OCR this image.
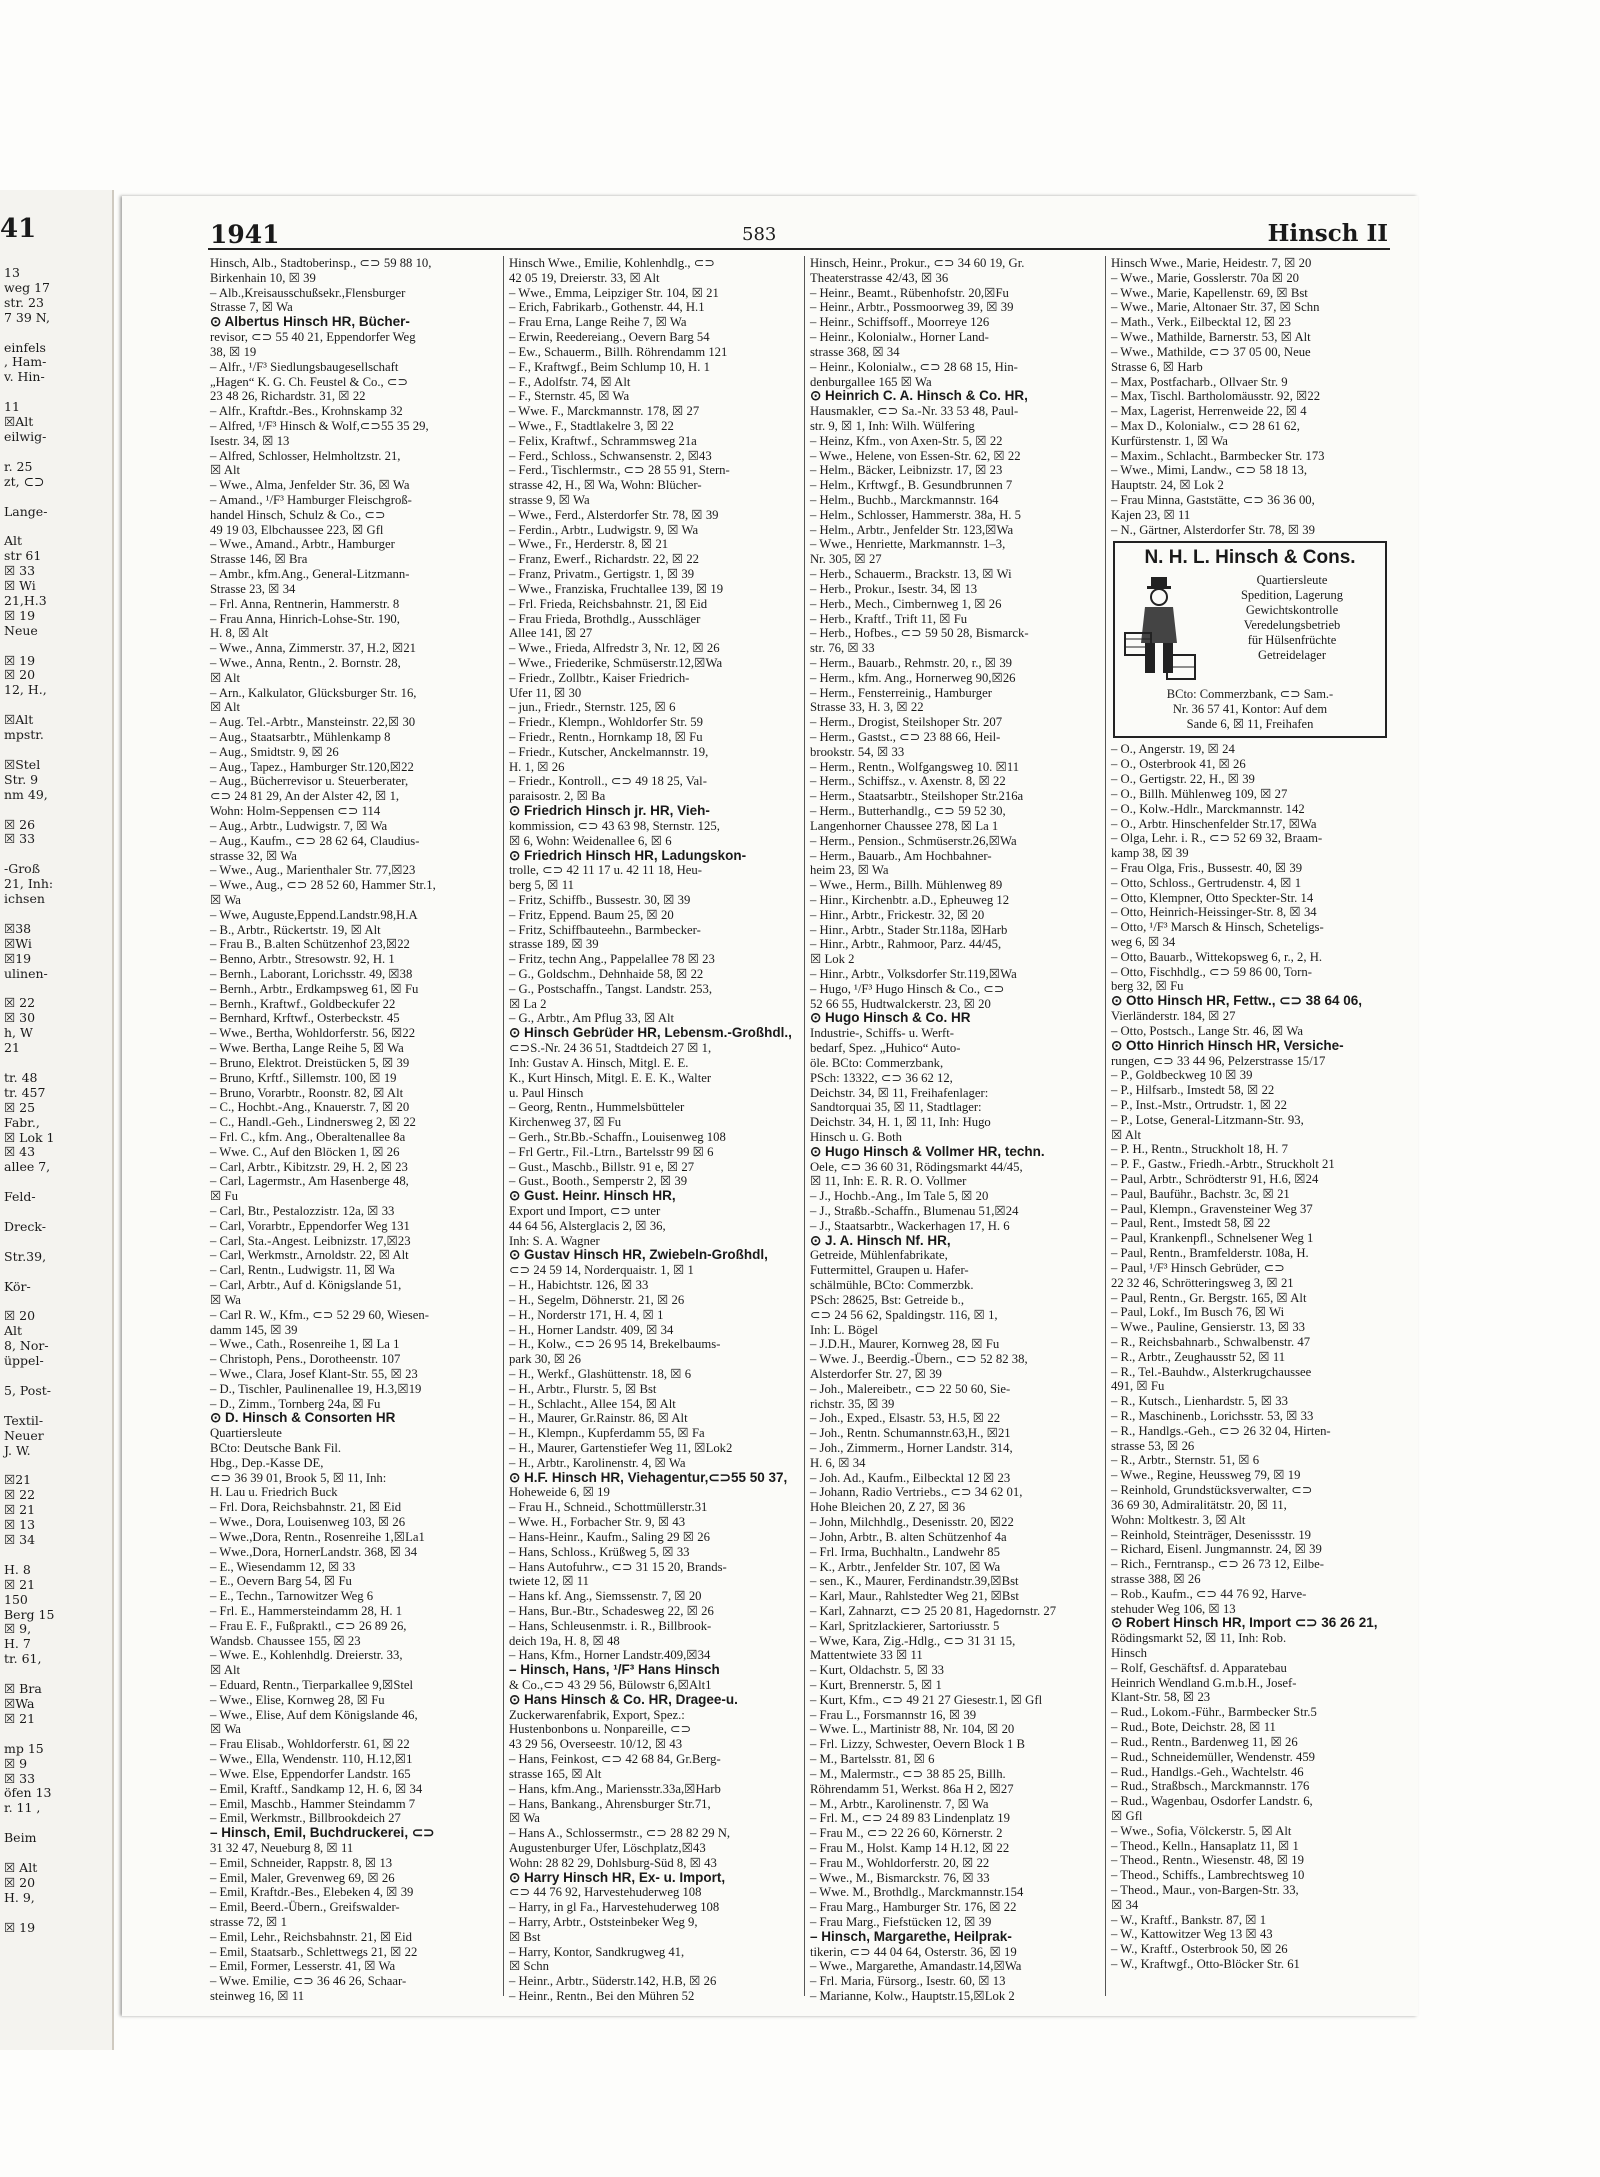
41
13
weg 17
str. 23
7 39 N,

einfels
, Ham-
v. Hin-

11
☒Alt
eilwig-

r. 25
zt, ⊂⊃

Lange-

Alt
str 61
☒ 33
☒ Wi
21,H.3
☒ 19
Neue

☒ 19
☒ 20
12, H.,

☒Alt
mpstr.

☒Stel
Str. 9
nm 49,

☒ 26
☒ 33

-Groß
21, Inh:
ichsen

☒38
☒Wi
☒19
ulinen-

☒ 22
☒ 30
h, W
21

tr. 48
tr. 457
☒ 25
Fabr.,
☒ Lok 1
☒ 43
allee 7,

Feld-

Dreck-

Str.39,

Kör-

☒ 20
Alt
8, Nor-
üppel-

5, Post-

Textil-
Neuer
J. W.

☒21
☒ 22
☒ 21
☒ 13
☒ 34

H. 8
☒ 21
150
Berg 15
☒ 9,
H. 7
tr. 61,

☒ Bra
☒Wa
☒ 21

mp 15
☒ 9
☒ 33
öfen 13
r. 11 ,

Beim

☒ Alt
☒ 20
H. 9,

☒ 19
1941	583	Hinsch II
Hinsch, Alb., Stadtoberinsp., ⊂⊃ 59 88 10,
Birkenhain 10, ☒ 39
– Alb.,Kreisausschußsekr.,Flensburger
Strasse 7, ☒ Wa
⊙ Albertus Hinsch HR, Bücher-
revisor, ⊂⊃ 55 40 21, Eppendorfer Weg
38, ☒ 19
– Alfr., ¹/F³ Siedlungsbaugesellschaft
„Hagen“ K. G. Ch. Feustel & Co., ⊂⊃
23 48 26, Richardstr. 31, ☒ 22
– Alfr., Kraftdr.-Bes., Krohnskamp 32
– Alfred, ¹/F³ Hinsch & Wolf,⊂⊃55 35 29,
Isestr. 34, ☒ 13
– Alfred, Schlosser, Helmholtzstr. 21,
☒ Alt
– Wwe., Alma, Jenfelder Str. 36, ☒ Wa
– Amand., ¹/F³ Hamburger Fleischgroß-
handel Hinsch, Schulz & Co., ⊂⊃
49 19 03, Elbchaussee 223, ☒ Gfl
– Wwe., Amand., Arbtr., Hamburger
Strasse 146, ☒ Bra
– Ambr., kfm.Ang., General-Litzmann-
Strasse 23, ☒ 34
– Frl. Anna, Rentnerin, Hammerstr. 8
– Frau Anna, Hinrich-Lohse-Str. 190,
H. 8, ☒ Alt
– Wwe., Anna, Zimmerstr. 37, H.2, ☒21
– Wwe., Anna, Rentn., 2. Bornstr. 28,
☒ Alt
– Arn., Kalkulator, Glücksburger Str. 16,
☒ Alt
– Aug. Tel.-Arbtr., Mansteinstr. 22,☒ 30
– Aug., Staatsarbtr., Mühlenkamp 8
– Aug., Smidtstr. 9, ☒ 26
– Aug., Tapez., Hamburger Str.120,☒22
– Aug., Bücherrevisor u. Steuerberater,
⊂⊃ 24 81 29, An der Alster 42, ☒ 1,
Wohn: Holm-Seppensen ⊂⊃ 114
– Aug., Arbtr., Ludwigstr. 7, ☒ Wa
– Aug., Kaufm., ⊂⊃ 28 62 64, Claudius-
strasse 32, ☒ Wa
– Wwe., Aug., Marienthaler Str. 77,☒23
– Wwe., Aug., ⊂⊃ 28 52 60, Hammer Str.1,
☒ Wa
– Wwe, Auguste,Eppend.Landstr.98,H.A
– B., Arbtr., Rückertstr. 19, ☒ Alt
– Frau B., B.alten Schützenhof 23,☒22
– Benno, Arbtr., Stresowstr. 92, H. 1
– Bernh., Laborant, Lorichsstr. 49, ☒38
– Bernh., Arbtr., Erdkampsweg 61, ☒ Fu
– Bernh., Kraftwf., Goldbeckufer 22
– Bernhard, Krftwf., Osterbeckstr. 45
– Wwe., Bertha, Wohldorferstr. 56, ☒22
– Wwe. Bertha, Lange Reihe 5, ☒ Wa
– Bruno, Elektrot. Dreistücken 5, ☒ 39
– Bruno, Krftf., Sillemstr. 100, ☒ 19
– Bruno, Vorarbtr., Roonstr. 82, ☒ Alt
– C., Hochbt.-Ang., Knauerstr. 7, ☒ 20
– C., Handl.-Geh., Lindnersweg 2, ☒ 22
– Frl. C., kfm. Ang., Oberaltenallee 8a
– Wwe. C., Auf den Blöcken 1, ☒ 26
– Carl, Arbtr., Kibitzstr. 29, H. 2, ☒ 23
– Carl, Lagermstr., Am Hasenberge 48,
☒ Fu
– Carl, Btr., Pestalozzistr. 12a, ☒ 33
– Carl, Vorarbtr., Eppendorfer Weg 131
– Carl, Sta.-Angest. Leibnizstr. 17,☒23
– Carl, Werkmstr., Arnoldstr. 22, ☒ Alt
– Carl, Rentn., Ludwigstr. 11, ☒ Wa
– Carl, Arbtr., Auf d. Königslande 51,
☒ Wa
– Carl R. W., Kfm., ⊂⊃ 52 29 60, Wiesen-
damm 145, ☒ 39
– Wwe., Cath., Rosenreihe 1, ☒ La 1
– Christoph, Pens., Dorotheenstr. 107
– Wwe., Clara, Josef Klant-Str. 55, ☒ 23
– D., Tischler, Paulinenallee 19, H.3,☒19
– D., Zimm., Tornberg 24a, ☒ Fu
⊙ D. Hinsch & Consorten HR
Quartiersleute
BCto: Deutsche Bank Fil.
Hbg., Dep.-Kasse DE,
⊂⊃ 36 39 01, Brook 5, ☒ 11, Inh:
H. Lau u. Friedrich Buck
– Frl. Dora, Reichsbahnstr. 21, ☒ Eid
– Wwe., Dora, Louisenweg 103, ☒ 26
– Wwe.,Dora, Rentn., Rosenreihe 1,☒La1
– Wwe.,Dora, HornerLandstr. 368, ☒ 34
– E., Wiesendamm 12, ☒ 33
– E., Oevern Barg 54, ☒ Fu
– E., Techn., Tarnowitzer Weg 6
– Frl. E., Hammersteindamm 28, H. 1
– Frau E. F., Fußpraktl., ⊂⊃ 26 89 26,
Wandsb. Chaussee 155, ☒ 23
– Wwe. E., Kohlenhdlg. Dreierstr. 33,
☒ Alt
– Eduard, Rentn., Tierparkallee 9,☒Stel
– Wwe., Elise, Kornweg 28, ☒ Fu
– Wwe., Elise, Auf dem Königslande 46,
☒ Wa
– Frau Elisab., Wohldorferstr. 61, ☒ 22
– Wwe., Ella, Wendenstr. 110, H.12,☒1
– Wwe. Else, Eppendorfer Landstr. 165
– Emil, Kraftf., Sandkamp 12, H. 6, ☒ 34
– Emil, Maschb., Hammer Steindamm 7
– Emil, Werkmstr., Billbrookdeich 27
– Hinsch, Emil, Buchdruckerei, ⊂⊃
31 32 47, Neueburg 8, ☒ 11
– Emil, Schneider, Rappstr. 8, ☒ 13
– Emil, Maler, Grevenweg 69, ☒ 26
– Emil, Kraftdr.-Bes., Elebeken 4, ☒ 39
– Emil, Beerd.-Übern., Greifswalder-
strasse 72, ☒ 1
– Emil, Lehr., Reichsbahnstr. 21, ☒ Eid
– Emil, Staatsarb., Schlettwegs 21, ☒ 22
– Emil, Former, Lesserstr. 41, ☒ Wa
– Wwe. Emilie, ⊂⊃ 36 46 26, Schaar-
steinweg 16, ☒ 11
Hinsch Wwe., Emilie, Kohlenhdlg., ⊂⊃
42 05 19, Dreierstr. 33, ☒ Alt
– Wwe., Emma, Leipziger Str. 104, ☒ 21
– Erich, Fabrikarb., Gothenstr. 44, H.1
– Frau Erna, Lange Reihe 7, ☒ Wa
– Erwin, Reedereiang., Oevern Barg 54
– Ew., Schauerm., Billh. Röhrendamm 121
– F., Kraftwgf., Beim Schlump 10, H. 1
– F., Adolfstr. 74, ☒ Alt
– F., Sternstr. 45, ☒ Wa
– Wwe. F., Marckmannstr. 178, ☒ 27
– Wwe., F., Stadtlakelre 3, ☒ 22
– Felix, Kraftwf., Schrammsweg 21a
– Ferd., Schloss., Schwansenstr. 2, ☒43
– Ferd., Tischlermstr., ⊂⊃ 28 55 91, Stern-
strasse 42, H., ☒ Wa, Wohn: Blücher-
strasse 9, ☒ Wa
– Wwe., Ferd., Alsterdorfer Str. 78, ☒ 39
– Ferdin., Arbtr., Ludwigstr. 9, ☒ Wa
– Wwe., Fr., Herderstr. 8, ☒ 21
– Franz, Ewerf., Richardstr. 22, ☒ 22
– Franz, Privatm., Gertigstr. 1, ☒ 39
– Wwe., Franziska, Fruchtallee 139, ☒ 19
– Frl. Frieda, Reichsbahnstr. 21, ☒ Eid
– Frau Frieda, Brothdlg., Ausschläger
Allee 141, ☒ 27
– Wwe., Frieda, Alfredstr 3, Nr. 12, ☒ 26
– Wwe., Friederike, Schmüserstr.12,☒Wa
– Friedr., Zollbtr., Kaiser Friedrich-
Ufer 11, ☒ 30
– jun., Friedr., Sternstr. 125, ☒ 6
– Friedr., Klempn., Wohldorfer Str. 59
– Friedr., Rentn., Hornkamp 18, ☒ Fu
– Friedr., Kutscher, Anckelmannstr. 19,
H. 1, ☒ 26
– Friedr., Kontroll., ⊂⊃ 49 18 25, Val-
paraisostr. 2, ☒ Ba
⊙ Friedrich Hinsch jr. HR, Vieh-
kommission, ⊂⊃ 43 63 98, Sternstr. 125,
☒ 6, Wohn: Weidenallee 6, ☒ 6
⊙ Friedrich Hinsch HR, Ladungskon-
trolle, ⊂⊃ 42 11 17 u. 42 11 18, Heu-
berg 5, ☒ 11
– Fritz, Schiffb., Bussestr. 30, ☒ 39
– Fritz, Eppend. Baum 25, ☒ 20
– Fritz, Schiffbauteehn., Barmbecker-
strasse 189, ☒ 39
– Fritz, techn Ang., Pappelallee 78 ☒ 23
– G., Goldschm., Dehnhaide 58, ☒ 22
– G., Postschaffn., Tangst. Landstr. 253,
☒ La 2
– G., Arbtr., Am Pflug 33, ☒ Alt
⊙ Hinsch Gebrüder HR, Lebensm.-Großhdl.,
⊂⊃S.-Nr. 24 36 51, Stadtdeich 27 ☒ 1,
Inh: Gustav A. Hinsch, Mitgl. E. E.
K., Kurt Hinsch, Mitgl. E. E. K., Walter
u. Paul Hinsch
– Georg, Rentn., Hummelsbütteler
Kirchenweg 37, ☒ Fu
– Gerh., Str.Bb.-Schaffn., Louisenweg 108
– Frl Gertr., Fil.-Ltrn., Bartelsstr 99 ☒ 6
– Gust., Maschb., Billstr. 91 e, ☒ 27
– Gust., Booth., Semperstr 2, ☒ 39
⊙ Gust. Heinr. Hinsch HR,
Export und Import, ⊂⊃ unter
44 64 56, Alsterglacis 2, ☒ 36,
Inh: S. A. Wagner
⊙ Gustav Hinsch HR, Zwiebeln-Großhdl,
⊂⊃ 24 59 14, Norderquaistr. 1, ☒ 1
– H., Habichtstr. 126, ☒ 33
– H., Segelm, Döhnerstr. 21, ☒ 26
– H., Norderstr 171, H. 4, ☒ 1
– H., Horner Landstr. 409, ☒ 34
– H., Kolw., ⊂⊃ 26 95 14, Brekelbaums-
park 30, ☒ 26
– H., Werkf., Glashüttenstr. 18, ☒ 6
– H., Arbtr., Flurstr. 5, ☒ Bst
– H., Schlacht., Allee 154, ☒ Alt
– H., Maurer, Gr.Rainstr. 86, ☒ Alt
– H., Klempn., Kupferdamm 55, ☒ Fa
– H., Maurer, Gartenstiefer Weg 11, ☒Lok2
– H., Arbtr., Karolinenstr. 4, ☒ Wa
⊙ H.F. Hinsch HR, Viehagentur,⊂⊃55 50 37,
Hoheweide 6, ☒ 19
– Frau H., Schneid., Schottmüllerstr.31
– Wwe. H., Forbacher Str. 9, ☒ 43
– Hans-Heinr., Kaufm., Saling 29 ☒ 26
– Hans, Schloss., Krüßweg 5, ☒ 33
– Hans Autofuhrw., ⊂⊃ 31 15 20, Brands-
twiete 12, ☒ 11
– Hans kf. Ang., Siemssenstr. 7, ☒ 20
– Hans, Bur.-Btr., Schadesweg 22, ☒ 26
– Hans, Schleusenmstr. i. R., Billbrook-
deich 19a, H. 8, ☒ 48
– Hans, Kfm., Horner Landstr.409,☒34
– Hinsch, Hans, ¹/F³ Hans Hinsch
& Co.,⊂⊃ 43 29 56, Bülowstr 6,☒Alt1
⊙ Hans Hinsch & Co. HR, Dragee-u.
Zuckerwarenfabrik, Export, Spez.:
Hustenbonbons u. Nonpareille, ⊂⊃
43 29 56, Overseestr. 10/12, ☒ 43
– Hans, Feinkost, ⊂⊃ 42 68 84, Gr.Berg-
strasse 165, ☒ Alt
– Hans, kfm.Ang., Mariensstr.33a,☒Harb
– Hans, Bankang., Ahrensburger Str.71,
☒ Wa
– Hans A., Schlossermstr., ⊂⊃ 28 82 29 N,
Augustenburger Ufer, Löschplatz,☒43
Wohn: 28 82 29, Dohlsburg-Süd 8, ☒ 43
⊙ Harry Hinsch HR, Ex- u. Import,
⊂⊃ 44 76 92, Harvestehuderweg 108
– Harry, in gl Fa., Harvestehuderweg 108
– Harry, Arbtr., Oststeinbeker Weg 9,
☒ Bst
– Harry, Kontor, Sandkrugweg 41,
☒ Schn
– Heinr., Arbtr., Süderstr.142, H.B, ☒ 26
– Heinr., Rentn., Bei den Mühren 52
Hinsch, Heinr., Prokur., ⊂⊃ 34 60 19, Gr.
Theaterstrasse 42/43, ☒ 36
– Heinr., Beamt., Rübenhofstr. 20,☒Fu
– Heinr., Arbtr., Possmoorweg 39, ☒ 39
– Heinr., Schiffsoff., Moorreye 126
– Heinr., Kolonialw., Horner Land-
strasse 368, ☒ 34
– Heinr., Kolonialw., ⊂⊃ 28 68 15, Hin-
denburgallee 165 ☒ Wa
⊙ Heinrich C. A. Hinsch & Co. HR,
Hausmakler, ⊂⊃ Sa.-Nr. 33 53 48, Paul-
str. 9, ☒ 1, Inh: Wilh. Wülfering
– Heinz, Kfm., von Axen-Str. 5, ☒ 22
– Wwe., Helene, von Essen-Str. 62, ☒ 22
– Helm., Bäcker, Leibnizstr. 17, ☒ 23
– Helm., Krftwgf., B. Gesundbrunnen 7
– Helm., Buchb., Marckmannstr. 164
– Helm., Schlosser, Hammerstr. 38a, H. 5
– Helm., Arbtr., Jenfelder Str. 123,☒Wa
– Wwe., Henriette, Markmannstr. 1–3,
Nr. 305, ☒ 27
– Herb., Schauerm., Brackstr. 13, ☒ Wi
– Herb., Prokur., Isestr. 34, ☒ 13
– Herb., Mech., Cimbernweg 1, ☒ 26
– Herb., Kraftf., Trift 11, ☒ Fu
– Herb., Hofbes., ⊂⊃ 59 50 28, Bismarck-
str. 76, ☒ 33
– Herm., Bauarb., Rehmstr. 20, r., ☒ 39
– Herm., kfm. Ang., Hornerweg 90,☒26
– Herm., Fensterreinig., Hamburger
Strasse 33, H. 3, ☒ 22
– Herm., Drogist, Steilshoper Str. 207
– Herm., Gastst., ⊂⊃ 23 88 66, Heil-
brookstr. 54, ☒ 33
– Herm., Rentn., Wolfgangsweg 10. ☒11
– Herm., Schiffsz., v. Axenstr. 8, ☒ 22
– Herm., Staatsarbtr., Steilshoper Str.216a
– Herm., Butterhandlg., ⊂⊃ 59 52 30,
Langenhorner Chaussee 278, ☒ La 1
– Herm., Pension., Schmüserstr.26,☒Wa
– Herm., Bauarb., Am Hochbahner-
heim 23, ☒ Wa
– Wwe., Herm., Billh. Mühlenweg 89
– Hinr., Kirchenbtr. a.D., Epheuweg 12
– Hinr., Arbtr., Frickestr. 32, ☒ 20
– Hinr., Arbtr., Stader Str.118a, ☒Harb
– Hinr., Arbtr., Rahmoor, Parz. 44/45,
☒ Lok 2
– Hinr., Arbtr., Volksdorfer Str.119,☒Wa
– Hugo, ¹/F³ Hugo Hinsch & Co., ⊂⊃
52 66 55, Hudtwalckerstr. 23, ☒ 20
⊙ Hugo Hinsch & Co. HR
Industrie-, Schiffs- u. Werft-
bedarf, Spez. „Huhico“ Auto-
öle. BCto: Commerzbank,
PSch: 13322, ⊂⊃ 36 62 12,
Deichstr. 34, ☒ 11, Freihafenlager:
Sandtorquai 35, ☒ 11, Stadtlager:
Deichstr. 34, H. 1, ☒ 11, Inh: Hugo
Hinsch u. G. Both
⊙ Hugo Hinsch & Vollmer HR, techn.
Oele, ⊂⊃ 36 60 31, Rödingsmarkt 44/45,
☒ 11, Inh: E. R. R. O. Vollmer
– J., Hochb.-Ang., Im Tale 5, ☒ 20
– J., Straßb.-Schaffn., Blumenau 51,☒24
– J., Staatsarbtr., Wackerhagen 17, H. 6
⊙ J. A. Hinsch Nf. HR,
Getreide, Mühlenfabrikate,
Futtermittel, Graupen u. Hafer-
schälmühle, BCto: Commerzbk.
PSch: 28625, Bst: Getreide b.,
⊂⊃ 24 56 62, Spaldingstr. 116, ☒ 1,
Inh: L. Bögel
– J.D.H., Maurer, Kornweg 28, ☒ Fu
– Wwe. J., Beerdig.-Übern., ⊂⊃ 52 82 38,
Alsterdorfer Str. 27, ☒ 39
– Joh., Malereibetr., ⊂⊃ 22 50 60, Sie-
richstr. 35, ☒ 39
– Joh., Exped., Elsastr. 53, H.5, ☒ 22
– Joh., Rentn. Schumannstr.63,H., ☒21
– Joh., Zimmerm., Horner Landstr. 314,
H. 6, ☒ 34
– Joh. Ad., Kaufm., Eilbecktal 12 ☒ 23
– Johann, Radio Vertriebs., ⊂⊃ 34 62 01,
Hohe Bleichen 20, Z 27, ☒ 36
– John, Milchhdlg., Desenisstr. 20, ☒22
– John, Arbtr., B. alten Schützenhof 4a
– Frl. Irma, Buchhaltn., Landwehr 85
– K., Arbtr., Jenfelder Str. 107, ☒ Wa
– sen., K., Maurer, Ferdinandstr.39,☒Bst
– Karl, Maur., Rahlstedter Weg 21, ☒Bst
– Karl, Zahnarzt, ⊂⊃ 25 20 81, Hagedornstr. 27
– Karl, Spritzlackierer, Sartoriusstr. 5
– Wwe, Kara, Zig.-Hdlg., ⊂⊃ 31 31 15,
Mattentwiete 33 ☒ 11
– Kurt, Oldachstr. 5, ☒ 33
– Kurt, Brennerstr. 5, ☒ 1
– Kurt, Kfm., ⊂⊃ 49 21 27 Giesestr.1, ☒ Gfl
– Frau L., Forsmannstr 16, ☒ 39
– Wwe. L., Martinistr 88, Nr. 104, ☒ 20
– Frl. Lizzy, Schwester, Oevern Block 1 B
– M., Bartelsstr. 81, ☒ 6
– M., Malermstr., ⊂⊃ 38 85 25, Billh.
Röhrendamm 51, Werkst. 86a H 2, ☒27
– M., Arbtr., Karolinenstr. 7, ☒ Wa
– Frl. M., ⊂⊃ 24 89 83 Lindenplatz 19
– Frau M., ⊂⊃ 22 26 60, Körnerstr. 2
– Frau M., Holst. Kamp 14 H.12, ☒ 22
– Frau M., Wohldorferstr. 20, ☒ 22
– Wwe., M., Bismarckstr. 76, ☒ 33
– Wwe. M., Brothdlg., Marckmannstr.154
– Frau Marg., Hamburger Str. 176, ☒ 22
– Frau Marg., Fiefstücken 12, ☒ 39
– Hinsch, Margarethe, Heilprak-
tikerin, ⊂⊃ 44 04 64, Osterstr. 36, ☒ 19
– Wwe., Margarethe, Amandastr.14,☒Wa
– Frl. Maria, Fürsorg., Isestr. 60, ☒ 13
– Marianne, Kolw., Hauptstr.15,☒Lok 2
Hinsch Wwe., Marie, Heidestr. 7, ☒ 20
– Wwe., Marie, Gosslerstr. 70a ☒ 20
– Wwe., Marie, Kapellenstr. 69, ☒ Bst
– Wwe., Marie, Altonaer Str. 37, ☒ Schn
– Math., Verk., Eilbecktal 12, ☒ 23
– Wwe., Mathilde, Barnerstr. 53, ☒ Alt
– Wwe., Mathilde, ⊂⊃ 37 05 00, Neue
Strasse 6, ☒ Harb
– Max, Postfacharb., Ollvaer Str. 9
– Max, Tischl. Bartholomäusstr. 92, ☒22
– Max, Lagerist, Herrenweide 22, ☒ 4
– Max D., Kolonialw., ⊂⊃ 28 61 62,
Kurfürstenstr. 1, ☒ Wa
– Maxim., Schlacht., Barmbecker Str. 173
– Wwe., Mimi, Landw., ⊂⊃ 58 18 13,
Hauptstr. 24, ☒ Lok 2
– Frau Minna, Gaststätte, ⊂⊃ 36 36 00,
Kajen 23, ☒ 11
– N., Gärtner, Alsterdorfer Str. 78, ☒ 39
N. H. L. Hinsch & Cons.
Quartiersleute
Spedition, Lagerung
Gewichtskontrolle
Veredelungsbetrieb
für Hülsenfrüchte
Getreidelager
BCto: Commerzbank, ⊂⊃ Sam.-
Nr. 36 57 41, Kontor: Auf dem
Sande 6, ☒ 11, Freihafen
– O., Angerstr. 19, ☒ 24
– O., Osterbrook 41, ☒ 26
– O., Gertigstr. 22, H., ☒ 39
– O., Billh. Mühlenweg 109, ☒ 27
– O., Kolw.-Hdlr., Marckmannstr. 142
– O., Arbtr. Hinschenfelder Str.17, ☒Wa
– Olga, Lehr. i. R., ⊂⊃ 52 69 32, Braam-
kamp 38, ☒ 39
– Frau Olga, Fris., Bussestr. 40, ☒ 39
– Otto, Schloss., Gertrudenstr. 4, ☒ 1
– Otto, Klempner, Otto Speckter-Str. 14
– Otto, Heinrich-Heissinger-Str. 8, ☒ 34
– Otto, ¹/F³ Marsch & Hinsch, Scheteligs-
weg 6, ☒ 34
– Otto, Bauarb., Wittekopsweg 6, r., 2, H.
– Otto, Fischhdlg., ⊂⊃ 59 86 00, Torn-
berg 32, ☒ Fu
⊙ Otto Hinsch HR, Fettw., ⊂⊃ 38 64 06,
Vierländerstr. 184, ☒ 27
– Otto, Postsch., Lange Str. 46, ☒ Wa
⊙ Otto Hinrich Hinsch HR, Versiche-
rungen, ⊂⊃ 33 44 96, Pelzerstrasse 15/17
– P., Goldbeckweg 10 ☒ 39
– P., Hilfsarb., Imstedt 58, ☒ 22
– P., Inst.-Mstr., Ortrudstr. 1, ☒ 22
– P., Lotse, General-Litzmann-Str. 93,
☒ Alt
– P. H., Rentn., Struckholt 18, H. 7
– P. F., Gastw., Friedh.-Arbtr., Struckholt 21
– Paul, Arbtr., Schrödterstr 91, H.6, ☒24
– Paul, Bauführ., Bachstr. 3c, ☒ 21
– Paul, Klempn., Gravensteiner Weg 37
– Paul, Rent., Imstedt 58, ☒ 22
– Paul, Krankenpfl., Schnelsener Weg 1
– Paul, Rentn., Bramfelderstr. 108a, H.
– Paul, ¹/F³ Hinsch Gebrüder, ⊂⊃
22 32 46, Schrötteringsweg 3, ☒ 21
– Paul, Rentn., Gr. Bergstr. 165, ☒ Alt
– Paul, Lokf., Im Busch 76, ☒ Wi
– Wwe., Pauline, Gensierstr. 13, ☒ 33
– R., Reichsbahnarb., Schwalbenstr. 47
– R., Arbtr., Zeughausstr 52, ☒ 11
– R., Tel.-Bauhdw., Alsterkrugchaussee
491, ☒ Fu
– R., Kutsch., Lienhardstr. 5, ☒ 33
– R., Maschinenb., Lorichsstr. 53, ☒ 33
– R., Handlgs.-Geh., ⊂⊃ 26 32 04, Hirten-
strasse 53, ☒ 26
– R., Arbtr., Sternstr. 51, ☒ 6
– Wwe., Regine, Heussweg 79, ☒ 19
– Reinhold, Grundstücksverwalter, ⊂⊃
36 69 30, Admiralitätstr. 20, ☒ 11,
Wohn: Moltkestr. 3, ☒ Alt
– Reinhold, Steinträger, Desenissstr. 19
– Richard, Eisenl. Jungmannstr. 24, ☒ 39
– Rich., Ferntransp., ⊂⊃ 26 73 12, Eilbe-
strasse 388, ☒ 26
– Rob., Kaufm., ⊂⊃ 44 76 92, Harve-
stehuder Weg 106, ☒ 13
⊙ Robert Hinsch HR, Import ⊂⊃ 36 26 21,
Rödingsmarkt 52, ☒ 11, Inh: Rob.
Hinsch
– Rolf, Geschäftsf. d. Apparatebau
Heinrich Wendland G.m.b.H., Josef-
Klant-Str. 58, ☒ 23
– Rud., Lokom.-Führ., Barmbecker Str.5
– Rud., Bote, Deichstr. 28, ☒ 11
– Rud., Rentn., Bardenweg 11, ☒ 26
– Rud., Schneidemüller, Wendenstr. 459
– Rud., Handlgs.-Geh., Wachtelstr. 46
– Rud., Straßbsch., Marckmannstr. 176
– Rud., Wagenbau, Osdorfer Landstr. 6,
☒ Gfl
– Wwe., Sofia, Völckerstr. 5, ☒ Alt
– Theod., Kelln., Hansaplatz 11, ☒ 1
– Theod., Rentn., Wiesenstr. 48, ☒ 19
– Theod., Schiffs., Lambrechtsweg 10
– Theod., Maur., von-Bargen-Str. 33,
☒ 34
– W., Kraftf., Bankstr. 87, ☒ 1
– W., Kattowitzer Weg 13 ☒ 43
– W., Kraftf., Osterbrook 50, ☒ 26
– W., Kraftwgf., Otto-Blöcker Str. 61
